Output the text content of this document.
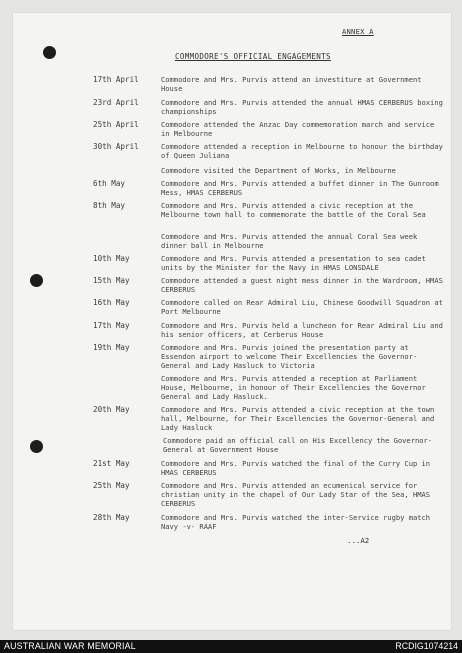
ANNEX A
COMMODORE'S OFFICIAL ENGAGEMENTS
17th April	Commodore and Mrs. Purvis attend an investiture at Government House
23rd April	Commodore and Mrs. Purvis attended the annual HMAS CERBERUS boxing championships
25th April	Commodore attended the Anzac Day commemoration march and service in Melbourne
30th April	Commodore attended a reception in Melbourne to honour the birthday of Queen Juliana
Commodore visited the Department of Works, in Melbourne
6th May	Commodore and Mrs. Purvis attended a buffet dinner in The Gunroom Mess, HMAS CERBERUS
8th May	Commodore and Mrs. Purvis attended a civic reception at the Melbourne town hall to commemorate the battle of the Coral Sea
Commodore and Mrs. Purvis attended the annual Coral Sea week dinner ball in Melbourne
10th May	Commodore and Mrs. Purvis attended a presentation to sea cadet units by the Minister for the Navy in HMAS LONSDALE
15th May	Commodore attended a guest night mess dinner in the Wardroom, HMAS CERBERUS
16th May	Commodore called on Rear Admiral Liu, Chinese Goodwill Squadron at Port Melbourne
17th May	Commodore and Mrs. Purvis held a luncheon for Rear Admiral Liu and his senior officers, at Cerberus House
19th May	Commodore and Mrs. Purvis joined the presentation party at Essendon airport to welcome Their Excellencies the Governor-General and Lady Hasluck to Victoria
Commodore and Mrs. Purvis attended a reception at Parliament House, Melbourne, in honour of Their Excellencies the Governor General and Lady Hasluck.
20th May	Commodore and Mrs. Purvis attended a civic reception at the town hall, Melbourne, for Their Excellencies the Governor-General and Lady Hasluck
Commodore paid an official call on His Excellency the Governor-General at Government House
21st May	Commodore and Mrs. Purvis watched the final of the Curry Cup in HMAS CERBERUS
25th May	Commodore and Mrs. Purvis attended an ecumenical service for christian unity in the chapel of Our Lady Star of the Sea, HMAS CERBERUS
28th May	Commodore and Mrs. Purvis watched the inter-Service rugby match Navy -v- RAAF
...A2
AUSTRALIAN WAR MEMORIAL	RCDIG1074214
